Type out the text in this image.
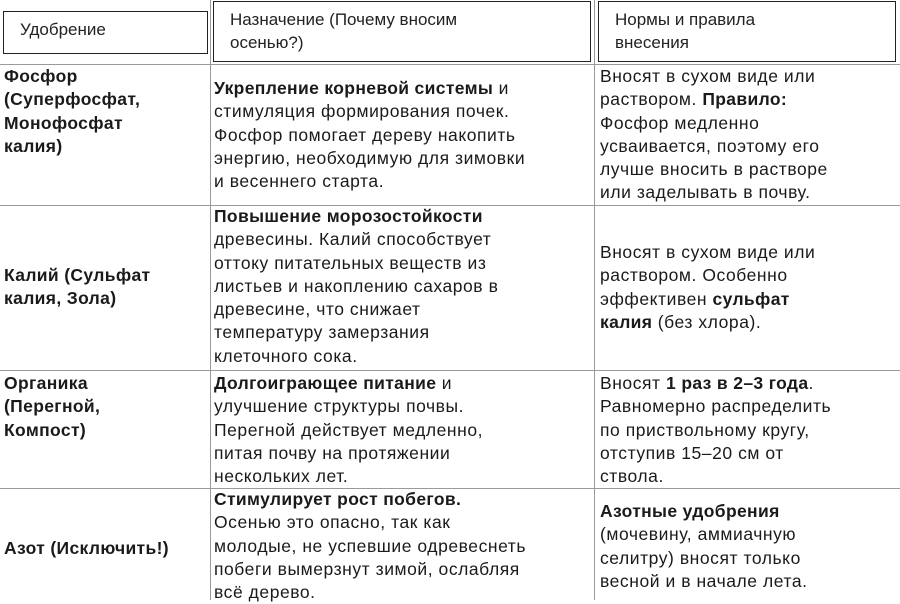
Удобрение
Назначение (Почему вносим
осенью?)
Нормы и правила
внесения
Фосфор
(Суперфосфат,
Монофосфат
калия)
Укрепление корневой системы и
стимуляция формирования почек.
Фосфор помогает дереву накопить
энергию, необходимую для зимовки
и весеннего старта.
Вносят в сухом виде или
раствором. Правило:
Фосфор медленно
усваивается, поэтому его
лучше вносить в растворе
или заделывать в почву.
Калий (Сульфат
калия, Зола)
Повышение морозостойкости
древесины. Калий способствует
оттоку питательных веществ из
листьев и накоплению сахаров в
древесине, что снижает
температуру замерзания
клеточного сока.
Вносят в сухом виде или
раствором. Особенно
эффективен сульфат
калия (без хлора).
Органика
(Перегной,
Компост)
Долгоиграющее питание и
улучшение структуры почвы.
Перегной действует медленно,
питая почву на протяжении
нескольких лет.
Вносят 1 раз в 2–3 года.
Равномерно распределить
по приствольному кругу,
отступив 15–20 см от
ствола.
Азот (Исключить!)
Стимулирует рост побегов.
Осенью это опасно, так как
молодые, не успевшие одревеснеть
побеги вымерзнут зимой, ослабляя
всё дерево.
Азотные удобрения
(мочевину, аммиачную
селитру) вносят только
весной и в начале лета.
